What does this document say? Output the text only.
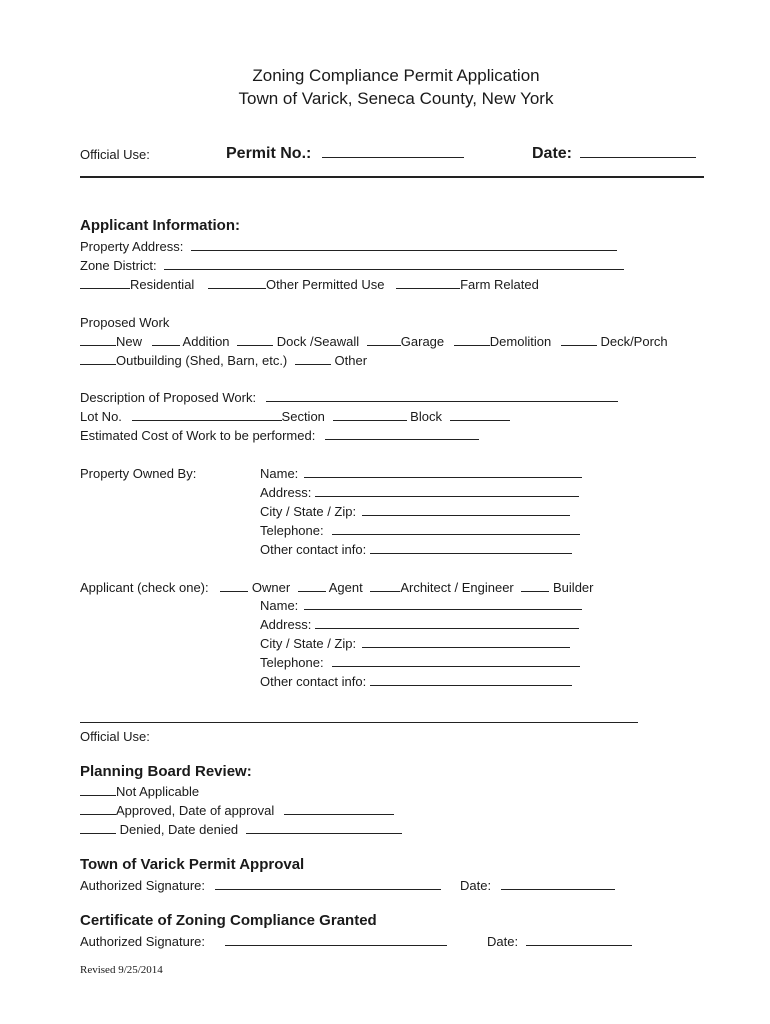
Zoning Compliance Permit Application
Town of Varick, Seneca County, New York
Official Use:	Permit No.:	Date:
Applicant Information:
Property Address:
Zone District:
Residential	Other Permitted Use	Farm Related
Proposed Work
New	Addition	Dock /Seawall	Garage	Demolition	Deck/Porch
Outbuilding (Shed, Barn, etc.)	Other
Description of Proposed Work:
Lot No.	Section	Block
Estimated Cost of Work to be performed:
Property Owned By:	Name:
Address:
City / State / Zip:
Telephone:
Other contact info:
Applicant (check one):	Owner	Agent	Architect / Engineer	Builder
Name:
Address:
City / State / Zip:
Telephone:
Other contact info:
Official Use:
Planning Board Review:
Not Applicable
Approved, Date of approval
Denied, Date denied
Town of Varick Permit Approval
Authorized Signature:	Date:
Certificate of Zoning Compliance Granted
Authorized Signature:	Date:
Revised 9/25/2014
